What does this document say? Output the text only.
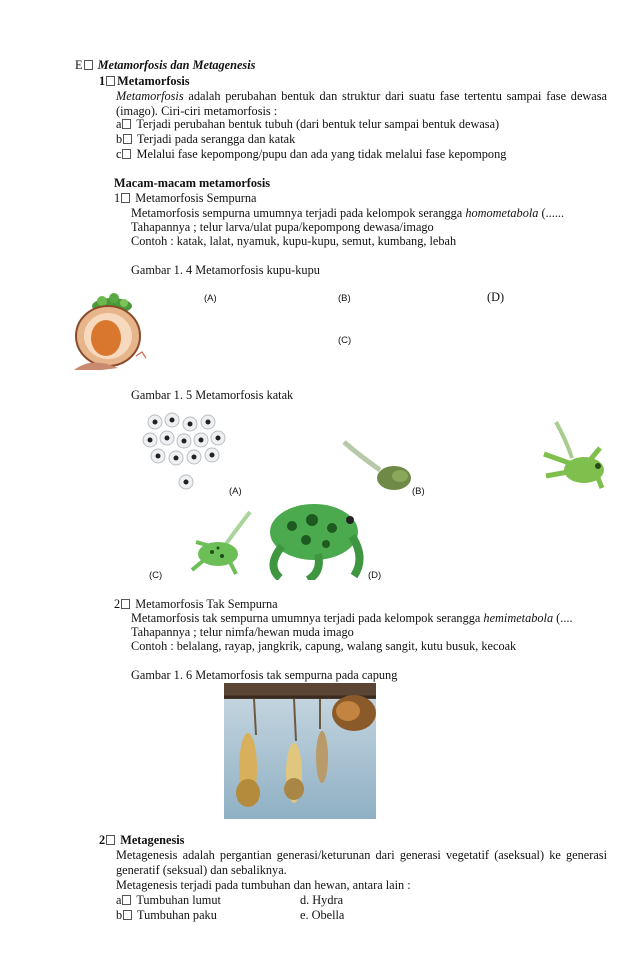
E Metamorfosis dan Metagenesis
1 Metamorfosis
Metamorfosis adalah perubahan bentuk dan struktur dari suatu fase tertentu sampai fase dewasa (imago). Ciri-ciri metamorfosis :
a Terjadi perubahan bentuk tubuh (dari bentuk telur sampai bentuk dewasa)
b Terjadi pada serangga dan katak
c Melalui fase kepompong/pupu dan ada yang tidak melalui fase kepompong
Macam-macam metamorfosis
1 Metamorfosis Sempurna
Metamorfosis sempurna umumnya terjadi pada kelompok serangga homometabola (......
Tahapannya ; telur larva/ulat pupa/kepompong dewasa/imago
Contoh : katak, lalat, nyamuk, kupu-kupu, semut, kumbang, lebah
Gambar 1. 4 Metamorfosis kupu-kupu
(A)	(B)	(D)
(C)
Gambar 1. 5 Metamorfosis katak
(A)	(B)
(C)	(D)
2 Metamorfosis Tak Sempurna
Metamorfosis tak sempurna umumnya terjadi pada kelompok serangga hemimetabola (....
Tahapannya ; telur nimfa/hewan muda imago
Contoh : belalang, rayap, jangkrik, capung, walang sangit, kutu busuk, kecoak
Gambar 1. 6 Metamorfosis tak sempurna pada capung
2 Metagenesis
Metagenesis adalah pergantian generasi/keturunan dari generasi vegetatif (aseksual) ke generasi generatif (seksual) dan sebaliknya.
Metagenesis terjadi pada tumbuhan dan hewan, antara lain :
a Tumbuhan lumut	d. Hydra
b Tumbuhan paku	e. Obella
